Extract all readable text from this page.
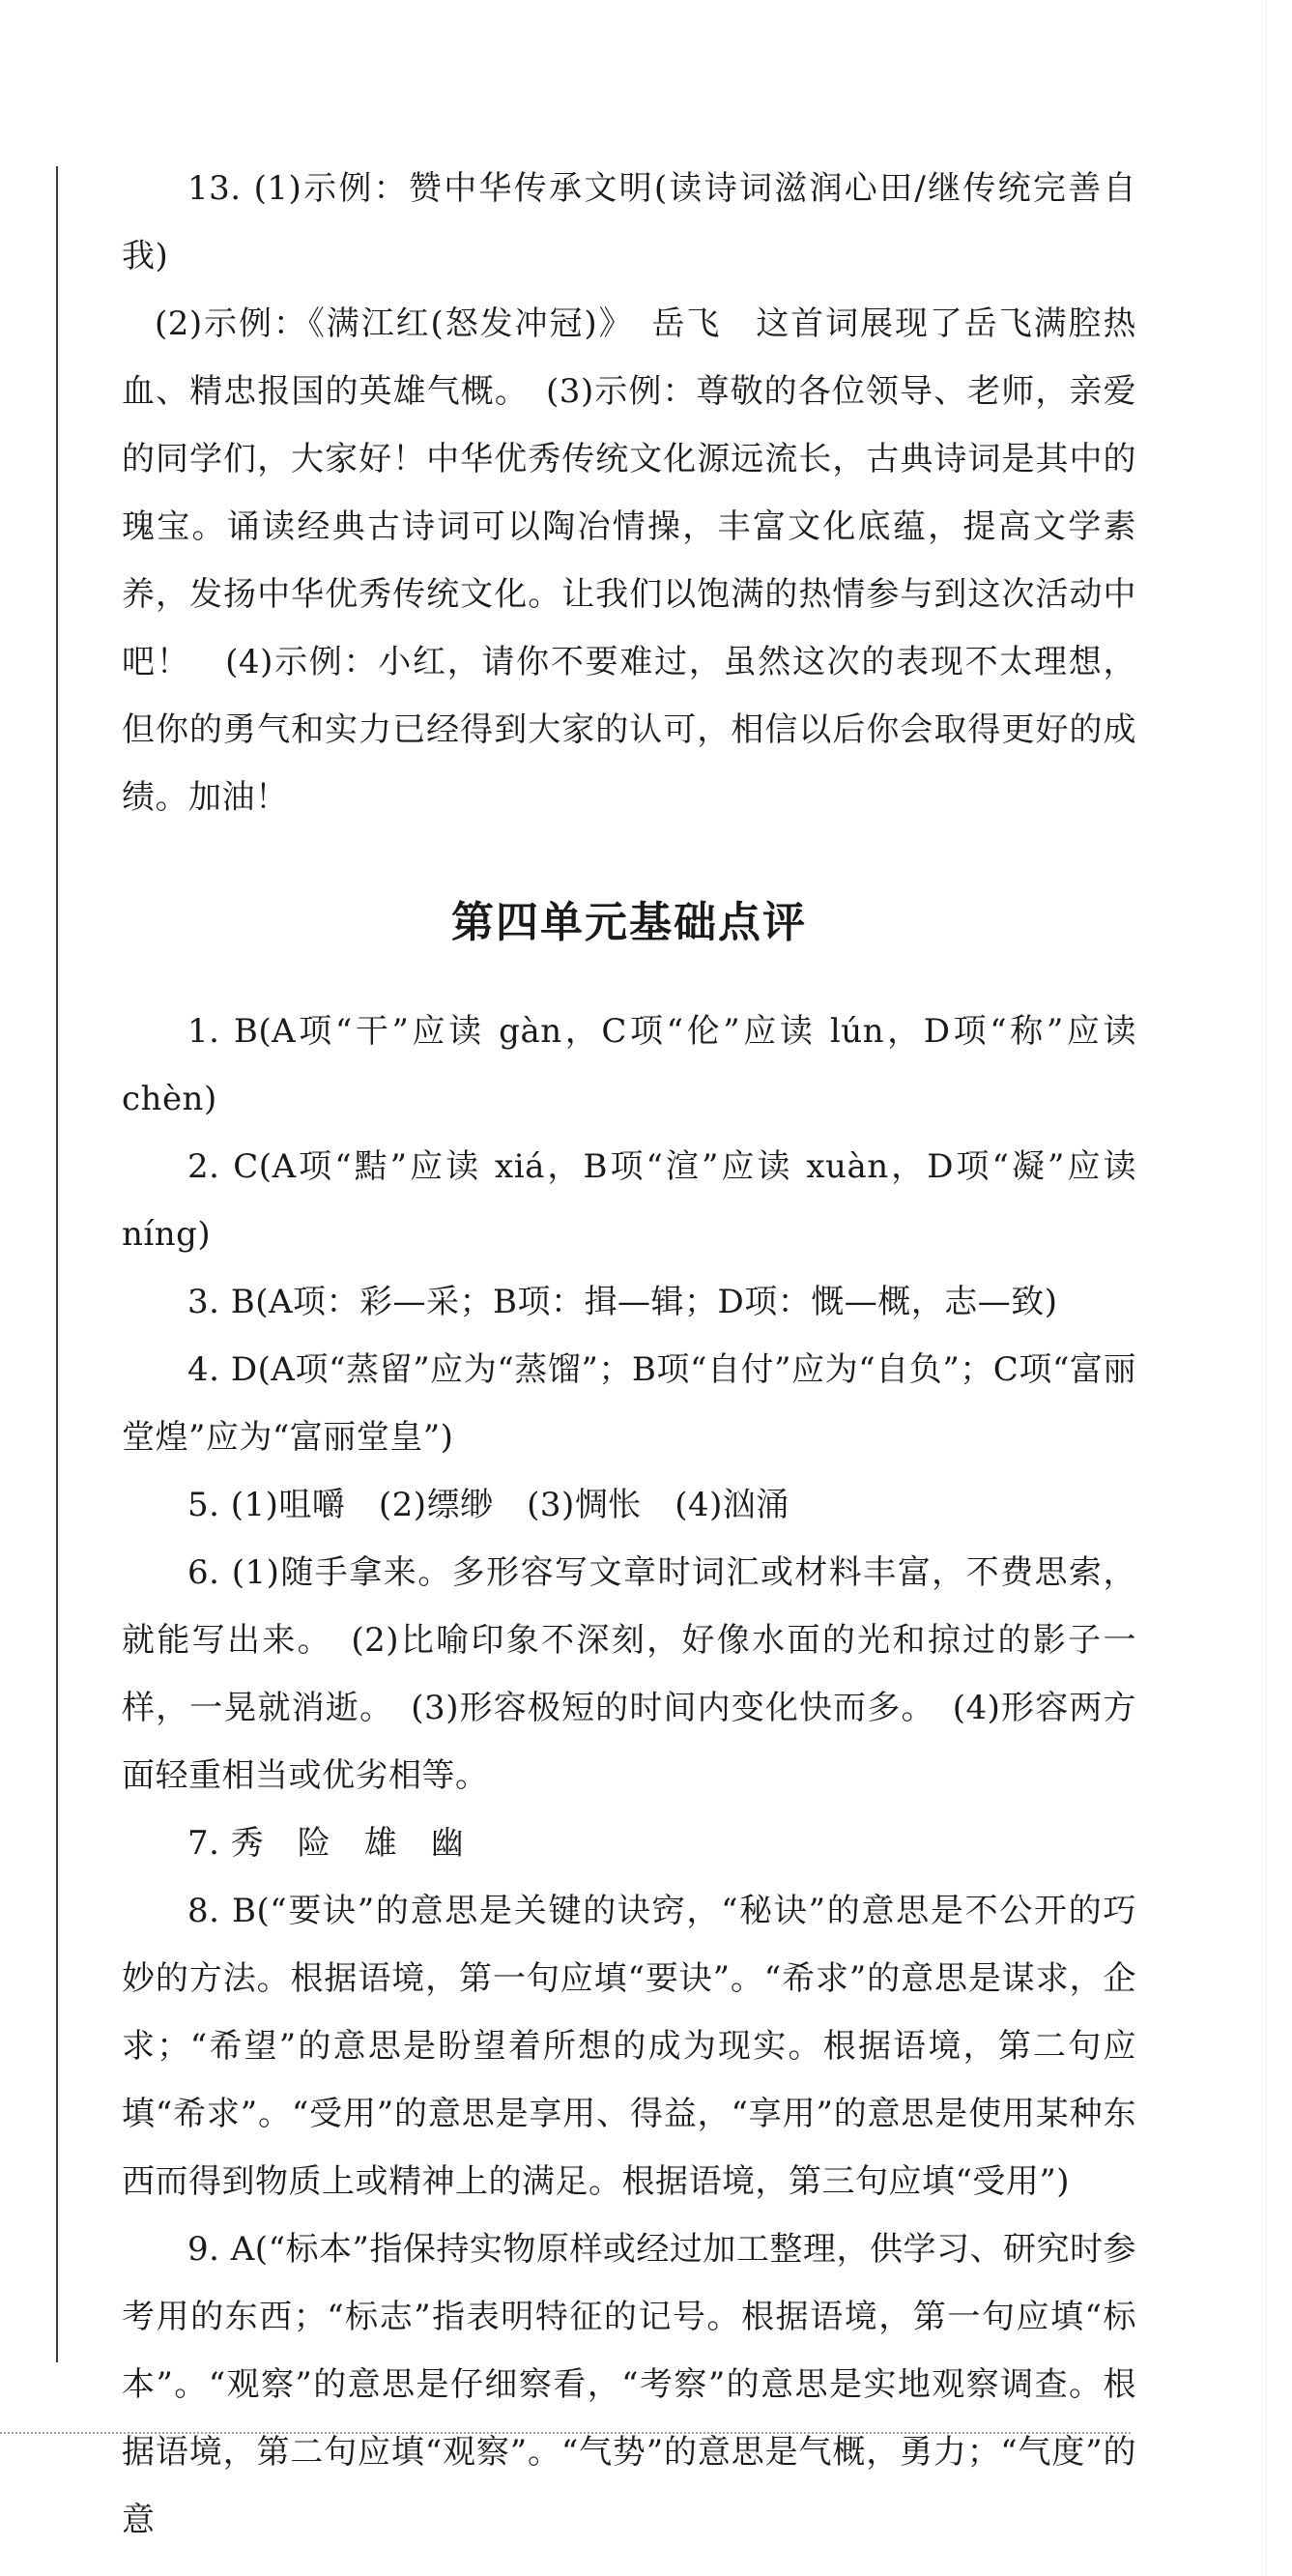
13. (1)示例：赞中华传承文明(读诗词滋润心田/继传统完善自我)

(2)示例：《满江红(怒发冲冠)》　岳飞　这首词展现了岳飞满腔热血、精忠报国的英雄气概。　(3)示例：尊敬的各位领导、老师，亲爱的同学们，大家好！中华优秀传统文化源远流长，古典诗词是其中的瑰宝。诵读经典古诗词可以陶冶情操，丰富文化底蕴，提高文学素养，发扬中华优秀传统文化。让我们以饱满的热情参与到这次活动中吧！　(4)示例：小红，请你不要难过，虽然这次的表现不太理想，但你的勇气和实力已经得到大家的认可，相信以后你会取得更好的成绩。加油！

第四单元基础点评

1. B(A项“干”应读 gàn，C项“伦”应读 lún，D项“称”应读 chèn)

2. C(A项“黠”应读 xiá，B项“渲”应读 xuàn，D项“凝”应读 níng)

3. B(A项：彩—采；B项：揖—辑；D项：慨—概，志—致)

4. D(A项“蒸留”应为“蒸馏”；B项“自付”应为“自负”；C项“富丽堂煌”应为“富丽堂皇”)

5. (1)咀嚼　(2)缥缈　(3)惆怅　(4)汹涌

6. (1)随手拿来。多形容写文章时词汇或材料丰富，不费思索，就能写出来。　(2)比喻印象不深刻，好像水面的光和掠过的影子一样，一晃就消逝。　(3)形容极短的时间内变化快而多。　(4)形容两方面轻重相当或优劣相等。

7. 秀　险　雄　幽

8. B(“要诀”的意思是关键的诀窍，“秘诀”的意思是不公开的巧妙的方法。根据语境，第一句应填“要诀”。“希求”的意思是谋求，企求；“希望”的意思是盼望着所想的成为现实。根据语境，第二句应填“希求”。“受用”的意思是享用、得益，“享用”的意思是使用某种东西而得到物质上或精神上的满足。根据语境，第三句应填“受用”)

9. A(“标本”指保持实物原样或经过加工整理，供学习、研究时参考用的东西；“标志”指表明特征的记号。根据语境，第一句应填“标本”。“观察”的意思是仔细察看，“考察”的意思是实地观察调查。根据语境，第二句应填“观察”。“气势”的意思是气概，勇力；“气度”的意
